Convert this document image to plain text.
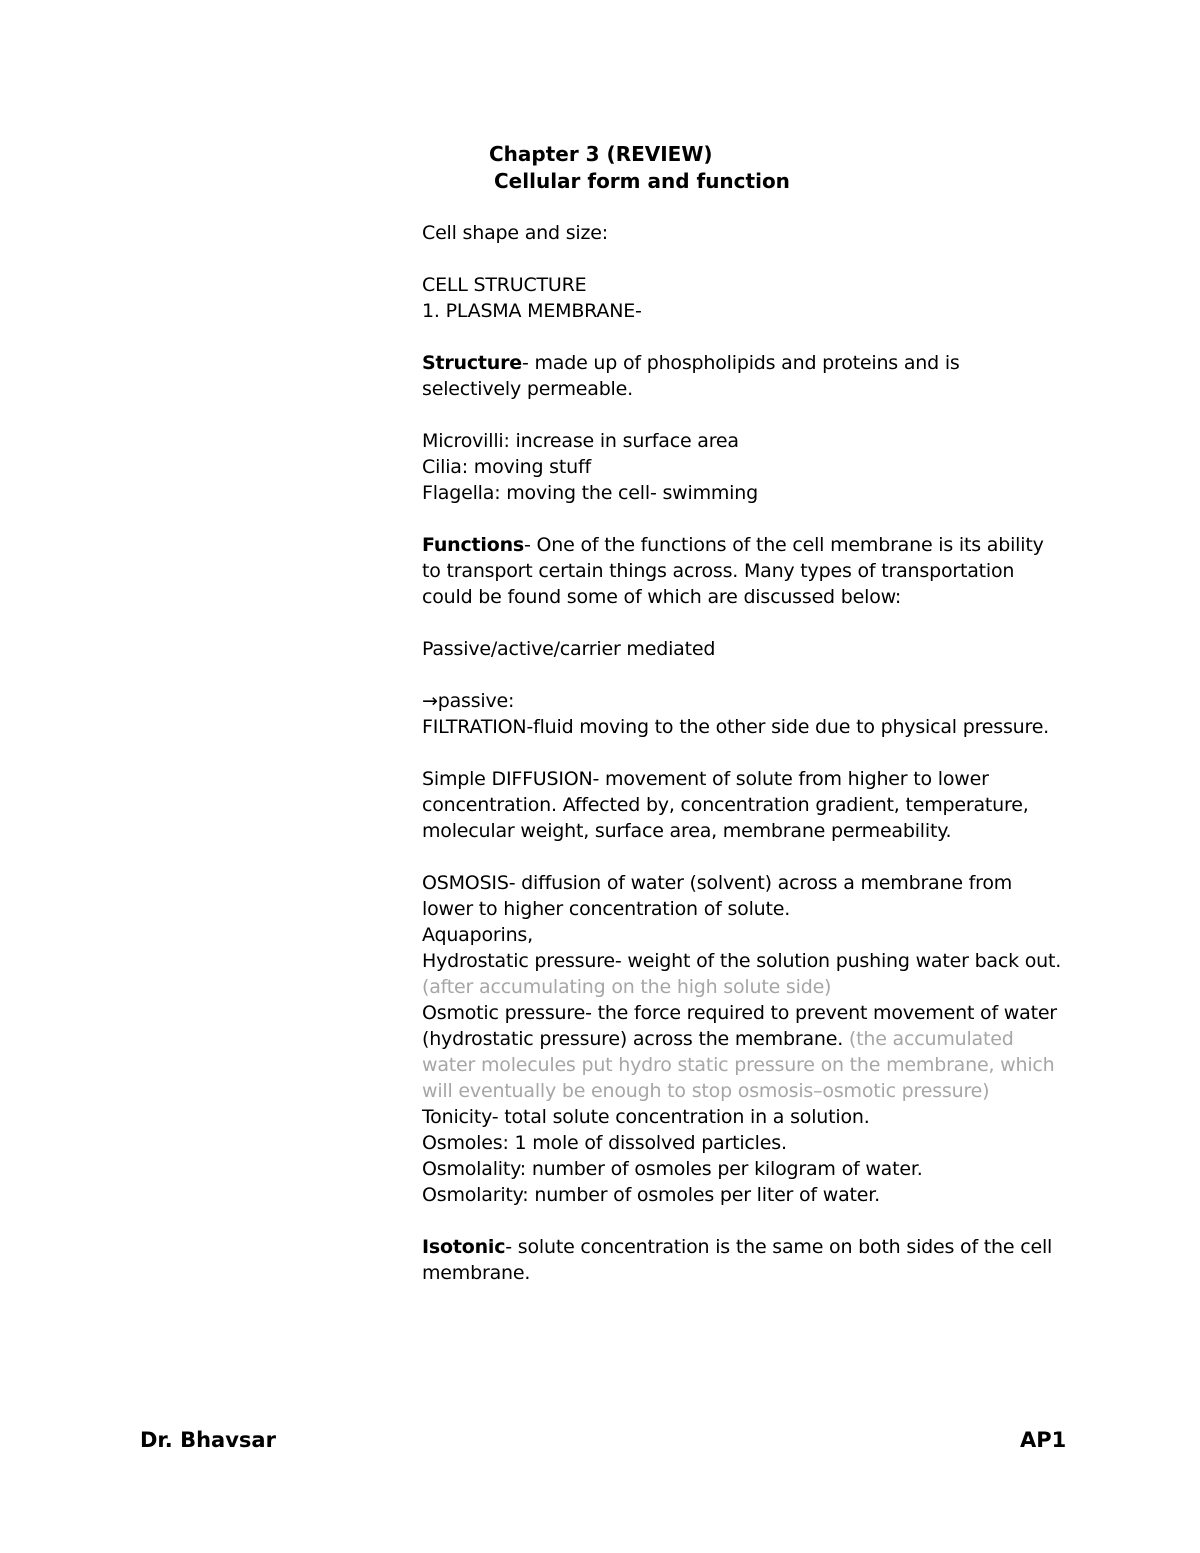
Chapter 3 (REVIEW)
Cellular form and function

Cell shape and size:

CELL STRUCTURE

1. PLASMA MEMBRANE-

Structure- made up of phospholipids and proteins and is selectively permeable.

Microvilli: increase in surface area

Cilia: moving stuff

Flagella: moving the cell- swimming

Functions- One of the functions of the cell membrane is its ability to transport certain things across. Many types of transportation could be found some of which are discussed below:

Passive/active/carrier mediated

→passive:

FILTRATION-fluid moving to the other side due to physical pressure.

Simple DIFFUSION- movement of solute from higher to lower concentration. Affected by, concentration gradient, temperature, molecular weight, surface area, membrane permeability.

OSMOSIS- diffusion of water (solvent) across a membrane from lower to higher concentration of solute.

Aquaporins,

Hydrostatic pressure- weight of the solution pushing water back out. (after accumulating on the high solute side)

Osmotic pressure- the force required to prevent movement of water (hydrostatic pressure) across the membrane. (the accumulated water molecules put hydro static pressure on the membrane, which will eventually be enough to stop osmosis–osmotic pressure)

Tonicity- total solute concentration in a solution.

Osmoles: 1 mole of dissolved particles.

Osmolality: number of osmoles per kilogram of water.

Osmolarity: number of osmoles per liter of water.

Isotonic- solute concentration is the same on both sides of the cell membrane.

Dr. Bhavsar	AP1
